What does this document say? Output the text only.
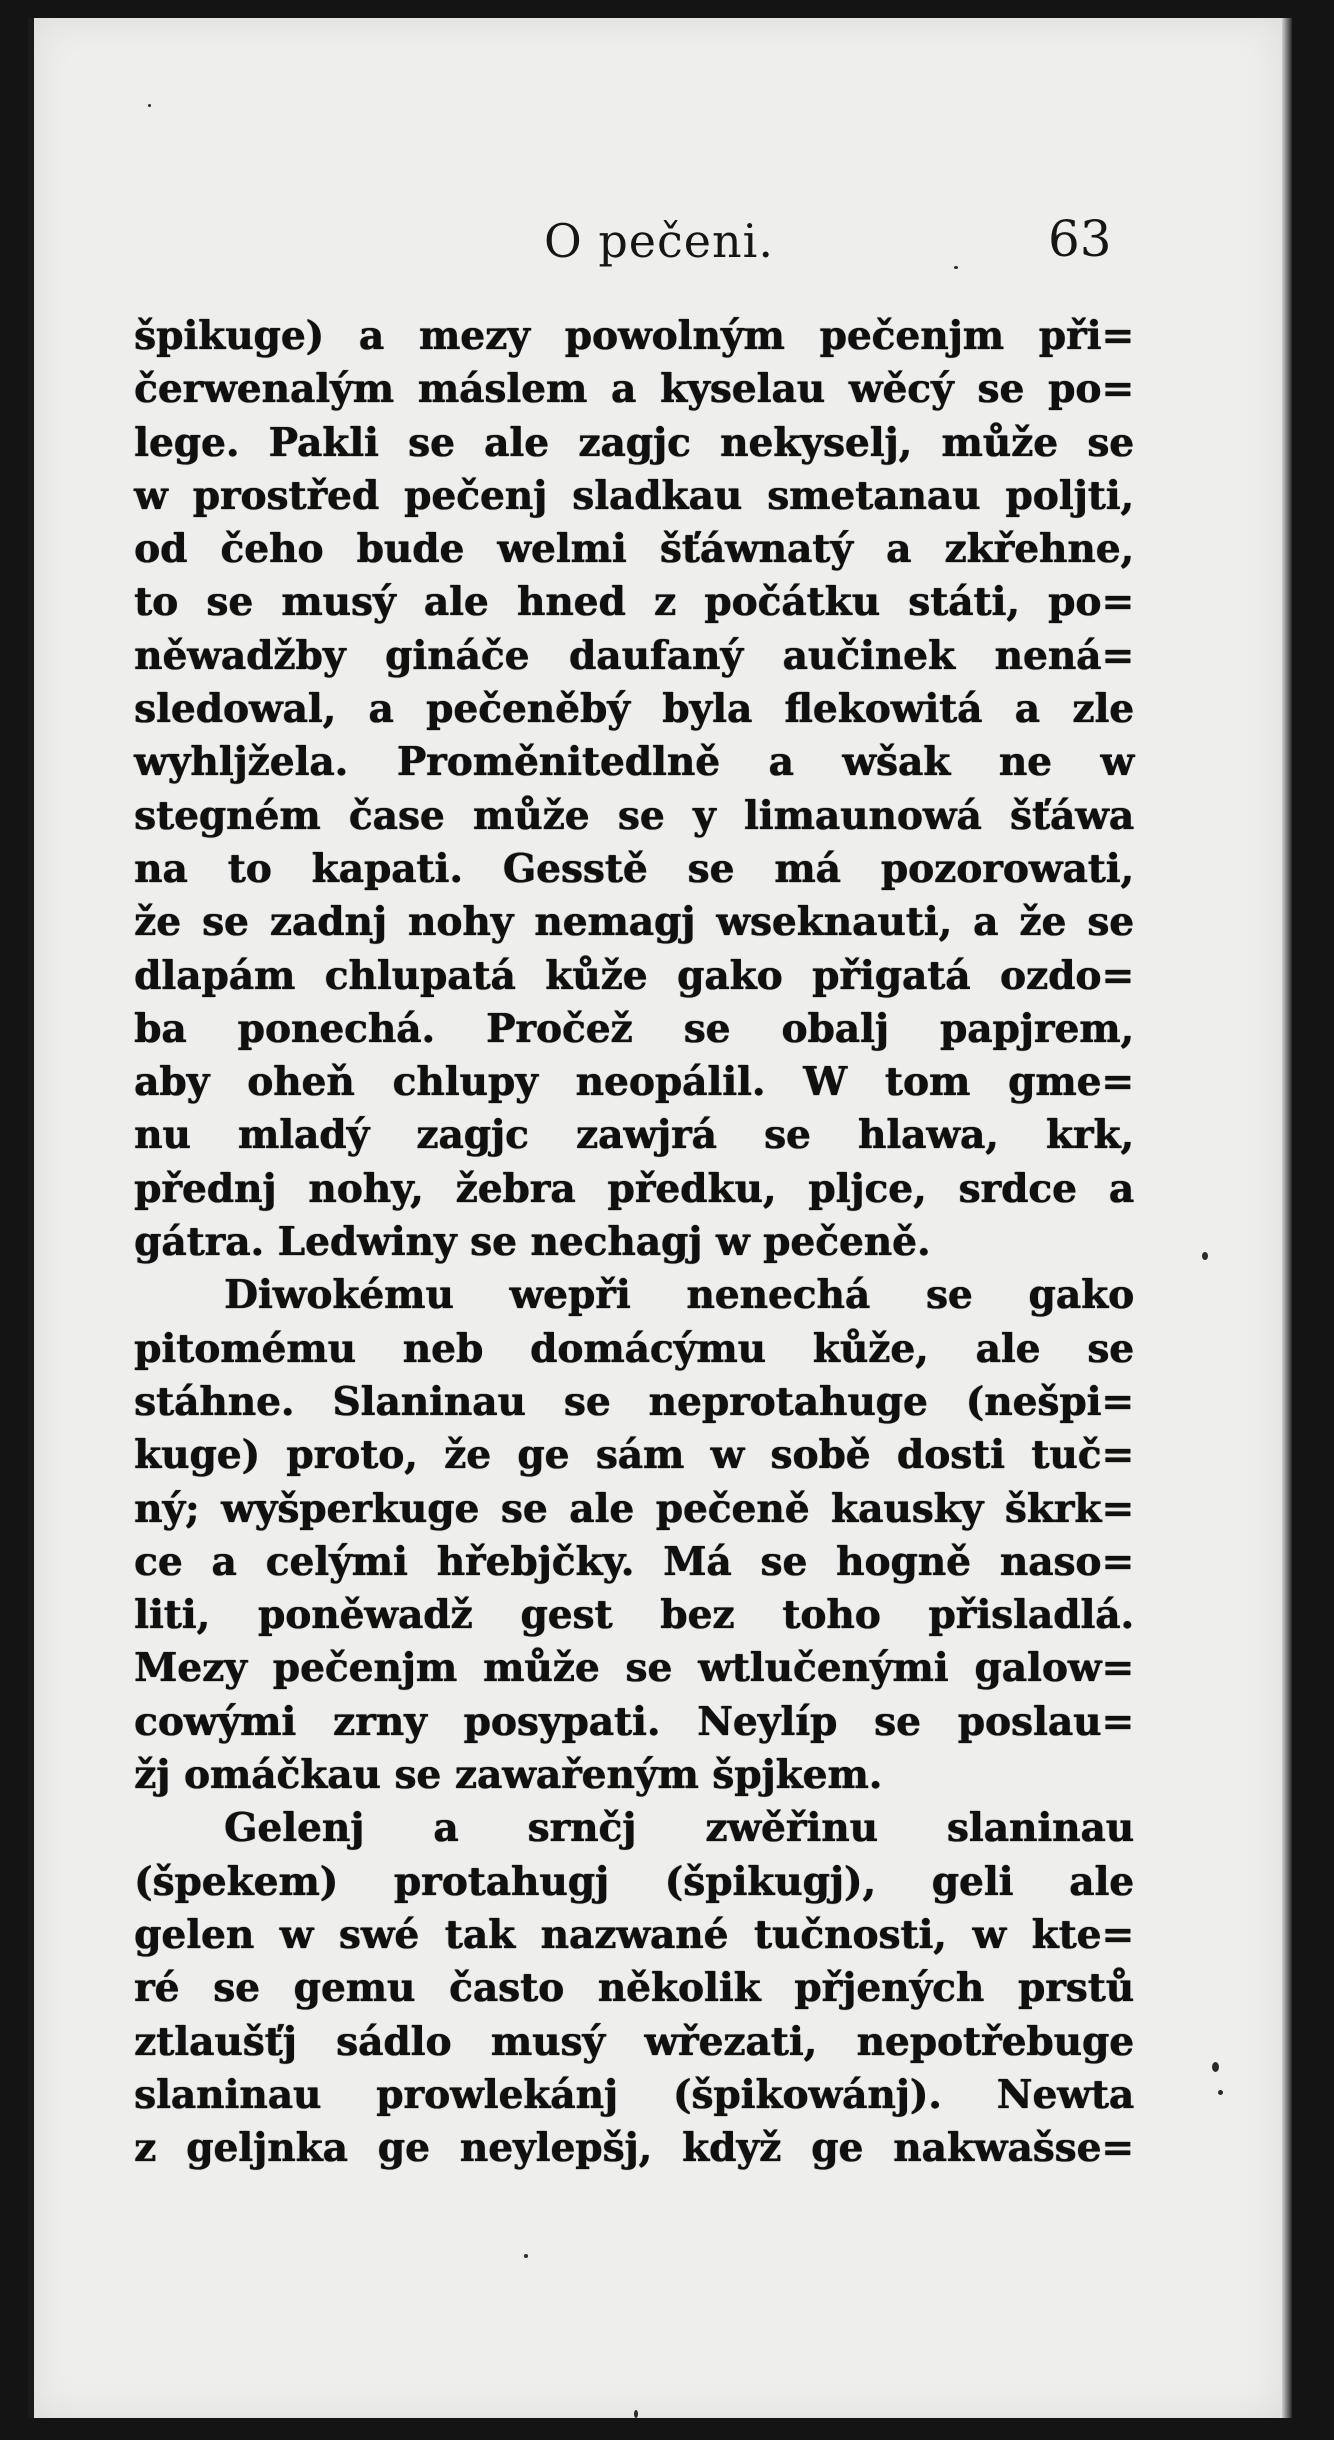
O pečeni.	63
špikuge) a mezy powolným pečenjm při=
čerwenalým máslem a kyselau wěcý se po=
lege. Pakli se ale zagjc nekyselj, může se
w prostřed pečenj sladkau smetanau poljti,
od čeho bude welmi šťáwnatý a zkřehne,
to se musý ale hned z počátku státi, po=
něwadžby gináče daufaný aučinek nená=
sledowal, a pečeněbý byla flekowitá a zle
wyhljžela. Proměnitedlně a wšak ne w
stegném čase může se y limaunowá šťáwa
na to kapati. Gesstě se má pozorowati,
že se zadnj nohy nemagj wseknauti, a že se
dlapám chlupatá kůže gako přigatá ozdo=
ba ponechá. Pročež se obalj papjrem,
aby oheň chlupy neopálil. W tom gme=
nu mladý zagjc zawjrá se hlawa, krk,
přednj nohy, žebra předku, pljce, srdce a
gátra. Ledwiny se nechagj w pečeně.
Diwokému wepři nenechá se gako
pitomému neb domácýmu kůže, ale se
stáhne. Slaninau se neprotahuge (nešpi=
kuge) proto, že ge sám w sobě dosti tuč=
ný; wyšperkuge se ale pečeně kausky škrk=
ce a celými hřebjčky. Má se hogně naso=
liti, poněwadž gest bez toho přisladlá.
Mezy pečenjm může se wtlučenými galow=
cowými zrny posypati. Neylíp se poslau=
žj omáčkau se zawařeným špjkem.
Gelenj a srnčj zwěřinu slaninau
(špekem) protahugj (špikugj), geli ale
gelen w swé tak nazwané tučnosti, w kte=
ré se gemu často několik přjených prstů
ztlaušťj sádlo musý wřezati, nepotřebuge
slaninau prowlekánj (špikowánj). Newta
z geljnka ge neylepšj, když ge nakwašse=
